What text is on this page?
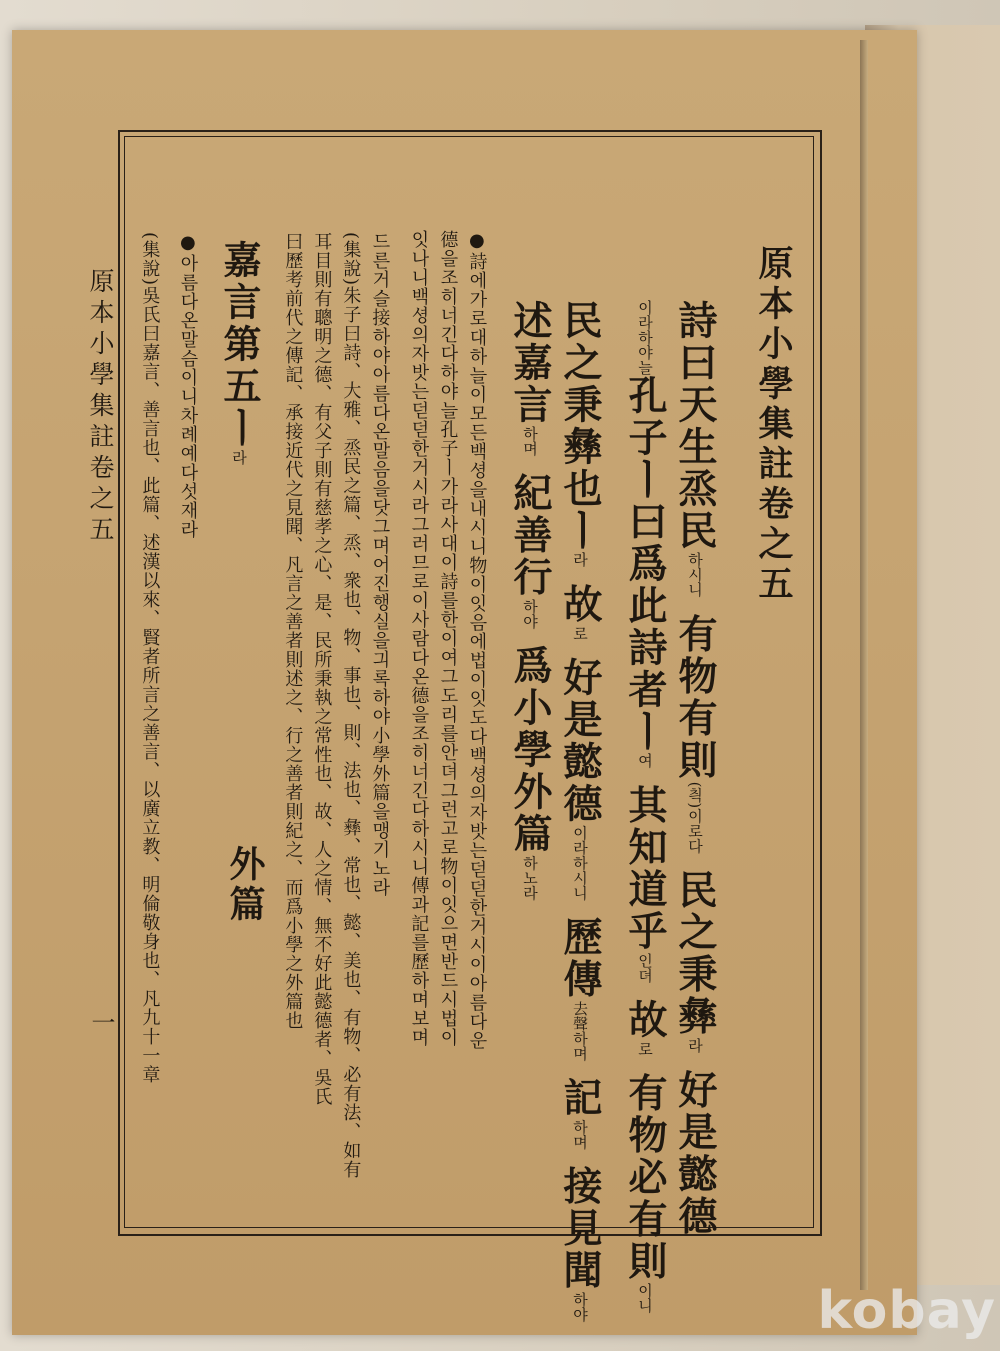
原本小學集註卷之五
一
原本小學集註卷之五
詩曰天生烝民하시니 有物有則(츽)이로다 民之秉彝라 好是懿德
이라하야늘孔子ㅣ曰爲此詩者ㅣ여 其知道乎인뎌 故로 有物必有則이니
民之秉彝也ㅣ라 故로 好是懿德이라하시니 歷傳去聲하며 記하며 接見聞하야
述嘉言하며 紀善行하야 爲小學外篇하노라
●詩에가로대하늘이모든백셩을내시니物이잇음에법이잇도다백셩의자밧는덛덛한거시이아름다운
德을조히너긴다하야늘孔子ㅣ가라사대이詩를한이여그도리를안뎌그런고로物이잇으면반드시법이
잇나니백셩의자밧는덛덛한거시라그러므로이사람다온德을조히너긴다하시니傳과記를歷하며보며
드른거슬接하야아름다온말음을닷그며어진행실을긔록하야小學外篇을맹기노라
(集說)朱子曰詩、大雅、烝民之篇、烝、衆也、物、事也、則、法也、彝、常也、懿、美也、有物、必有法、如有
耳目則有聰明之德、有父子則有慈孝之心、是、民所秉執之常性也、故、人之情、無不好此懿德者、吳氏
曰歷考前代之傳記、承接近代之見聞、凡言之善者則述之、行之善者則紀之、而爲小學之外篇也
嘉言第五ㅣ라
外篇
●아름다온말슴이니차례예다섯재라
(集說)吳氏曰嘉言、善言也、此篇、述漢以來、賢者所言之善言、以廣立教、明倫敬身也、凡九十一章
kobay
